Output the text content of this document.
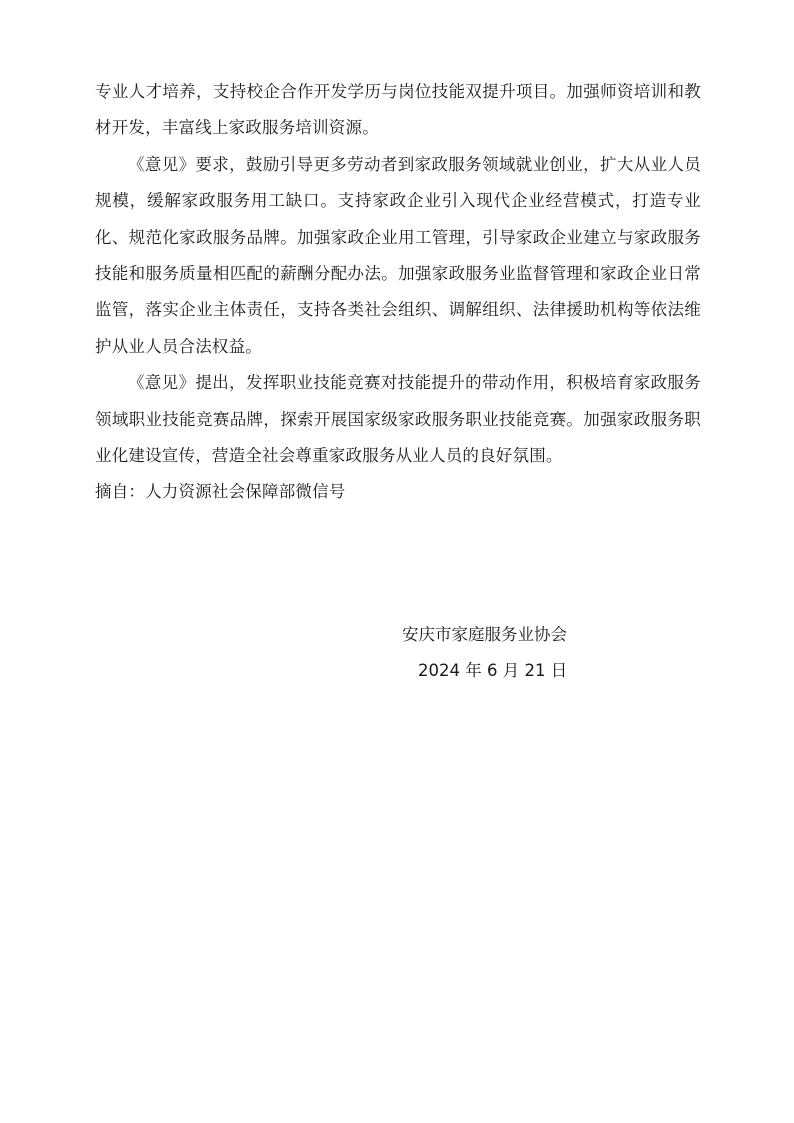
专业人才培养，支持校企合作开发学历与岗位技能双提升项目。加强师资培训和教材开发，丰富线上家政服务培训资源。

《意见》要求，鼓励引导更多劳动者到家政服务领域就业创业，扩大从业人员规模，缓解家政服务用工缺口。支持家政企业引入现代企业经营模式，打造专业化、规范化家政服务品牌。加强家政企业用工管理，引导家政企业建立与家政服务技能和服务质量相匹配的薪酬分配办法。加强家政服务业监督管理和家政企业日常监管，落实企业主体责任，支持各类社会组织、调解组织、法律援助机构等依法维护从业人员合法权益。

《意见》提出，发挥职业技能竞赛对技能提升的带动作用，积极培育家政服务领域职业技能竞赛品牌，探索开展国家级家政服务职业技能竞赛。加强家政服务职业化建设宣传，营造全社会尊重家政服务从业人员的良好氛围。

摘自：人力资源社会保障部微信号

安庆市家庭服务业协会
2024 年 6 月 21 日
